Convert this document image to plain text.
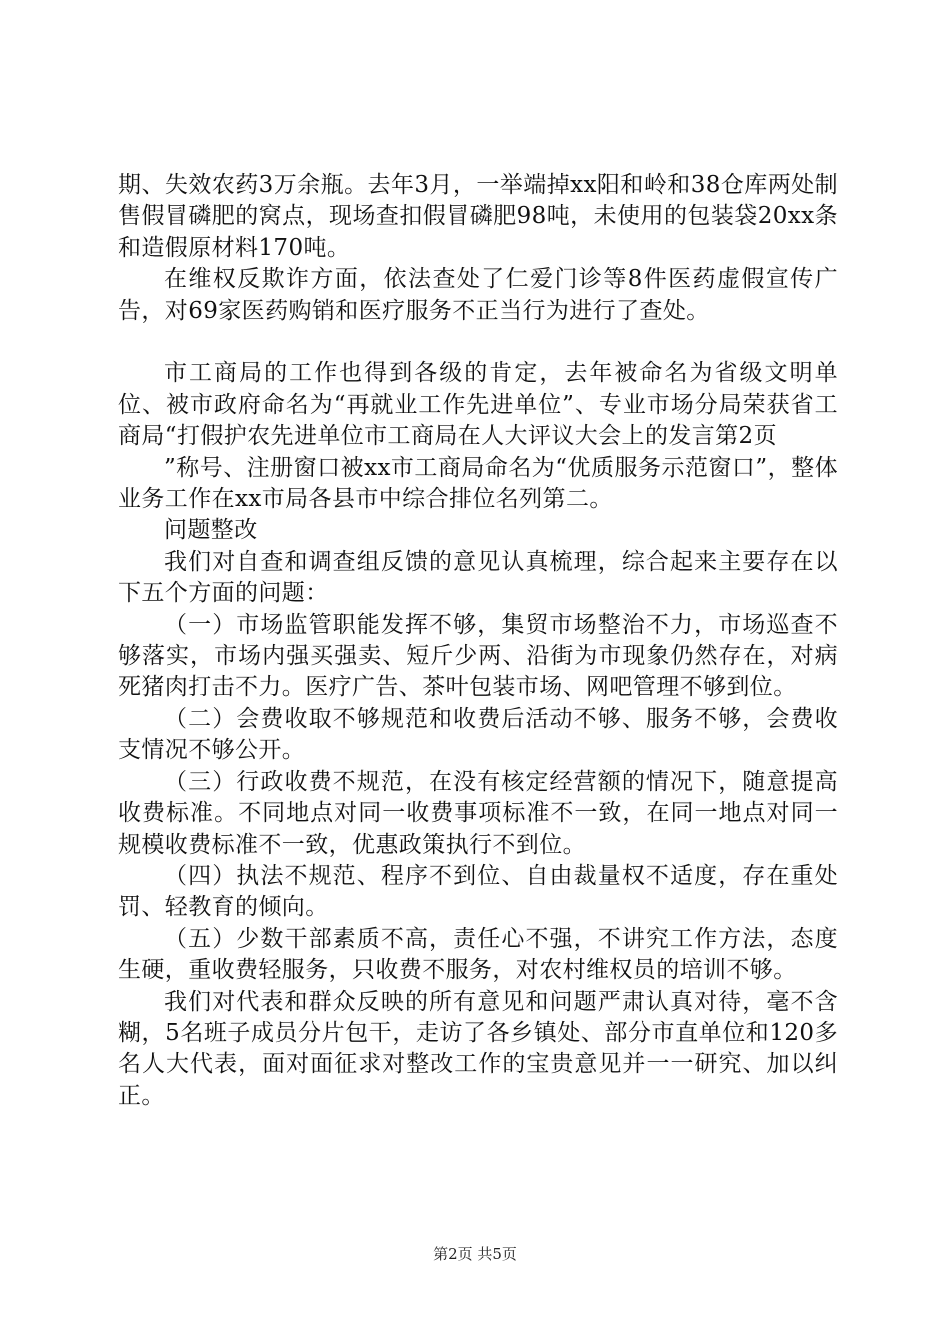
期、失效农药3万余瓶。去年3月，一举端掉xx阳和岭和38仓库两处制售假冒磷肥的窝点，现场查扣假冒磷肥98吨，未使用的包装袋20xx条和造假原材料170吨。

在维权反欺诈方面，依法查处了仁爱门诊等8件医药虚假宣传广告，对69家医药购销和医疗服务不正当行为进行了查处。

市工商局的工作也得到各级的肯定，去年被命名为省级文明单位、被市政府命名为“再就业工作先进单位”、专业市场分局荣获省工商局“打假护农先进单位市工商局在人大评议大会上的发言第2页

”称号、注册窗口被xx市工商局命名为“优质服务示范窗口”，整体业务工作在xx市局各县市中综合排位名列第二。

问题整改

我们对自查和调查组反馈的意见认真梳理，综合起来主要存在以下五个方面的问题：

（一）市场监管职能发挥不够，集贸市场整治不力，市场巡查不够落实，市场内强买强卖、短斤少两、沿街为市现象仍然存在，对病死猪肉打击不力。医疗广告、茶叶包装市场、网吧管理不够到位。

（二）会费收取不够规范和收费后活动不够、服务不够，会费收支情况不够公开。

（三）行政收费不规范，在没有核定经营额的情况下，随意提高收费标准。不同地点对同一收费事项标准不一致，在同一地点对同一规模收费标准不一致，优惠政策执行不到位。

（四）执法不规范、程序不到位、自由裁量权不适度，存在重处罚、轻教育的倾向。

（五）少数干部素质不高，责任心不强，不讲究工作方法，态度生硬，重收费轻服务，只收费不服务，对农村维权员的培训不够。

我们对代表和群众反映的所有意见和问题严肃认真对待，毫不含糊，5名班子成员分片包干，走访了各乡镇处、部分市直单位和120多名人大代表，面对面征求对整改工作的宝贵意见并一一研究、加以纠正。

第2页 共5页
